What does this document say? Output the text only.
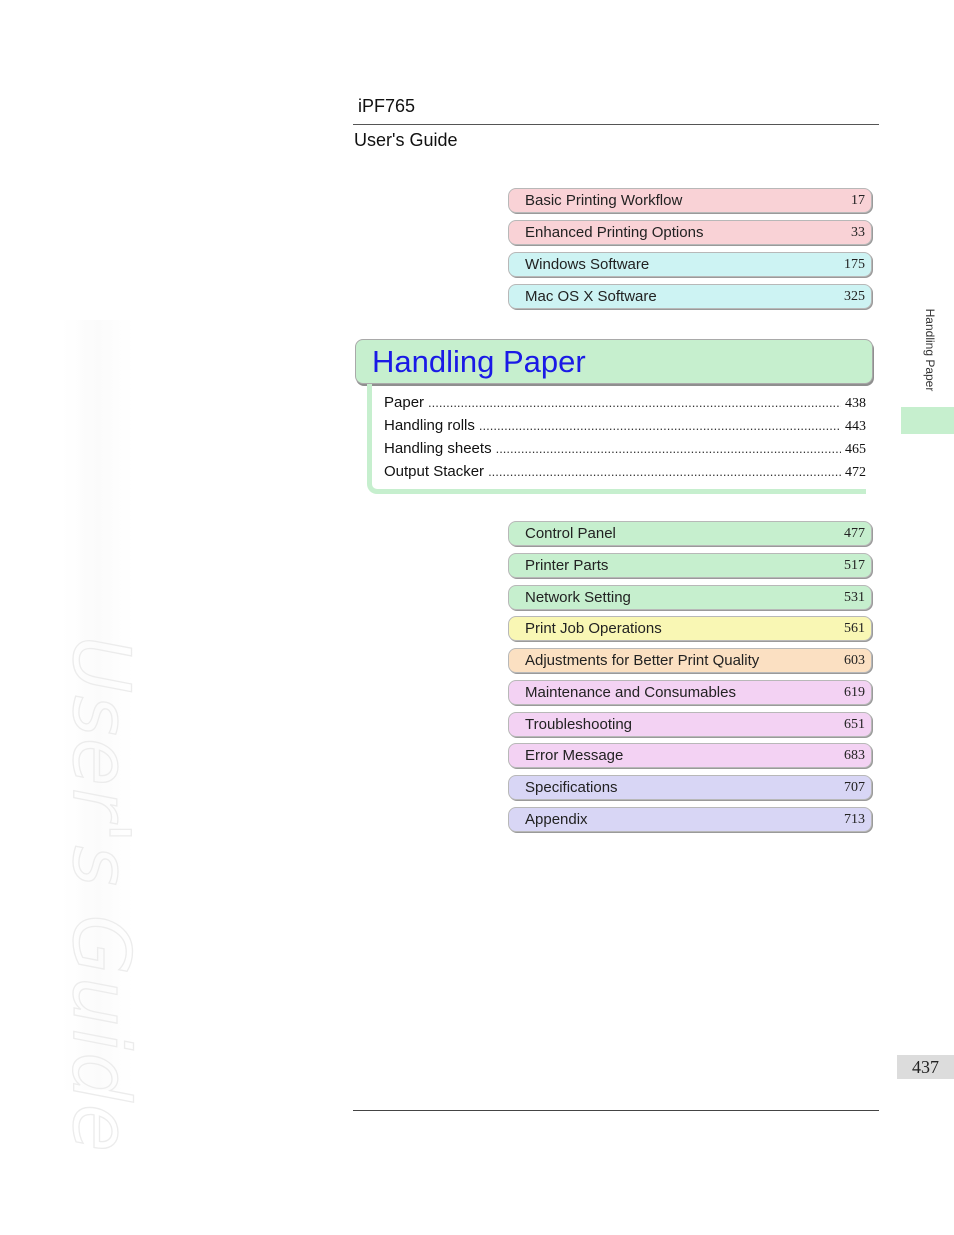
User's Guide
iPF765
User's Guide
Handling Paper
Basic Printing Workflow	17
Enhanced Printing Options	33
Windows Software	175
Mac OS X Software	325
Handling Paper
Paper .....	438
Handling rolls .....	443
Handling sheets .....	465
Output Stacker .....	472
Control Panel	477
Printer Parts	517
Network Setting	531
Print Job Operations	561
Adjustments for Better Print Quality	603
Maintenance and Consumables	619
Troubleshooting	651
Error Message	683
Specifications	707
Appendix	713
437
